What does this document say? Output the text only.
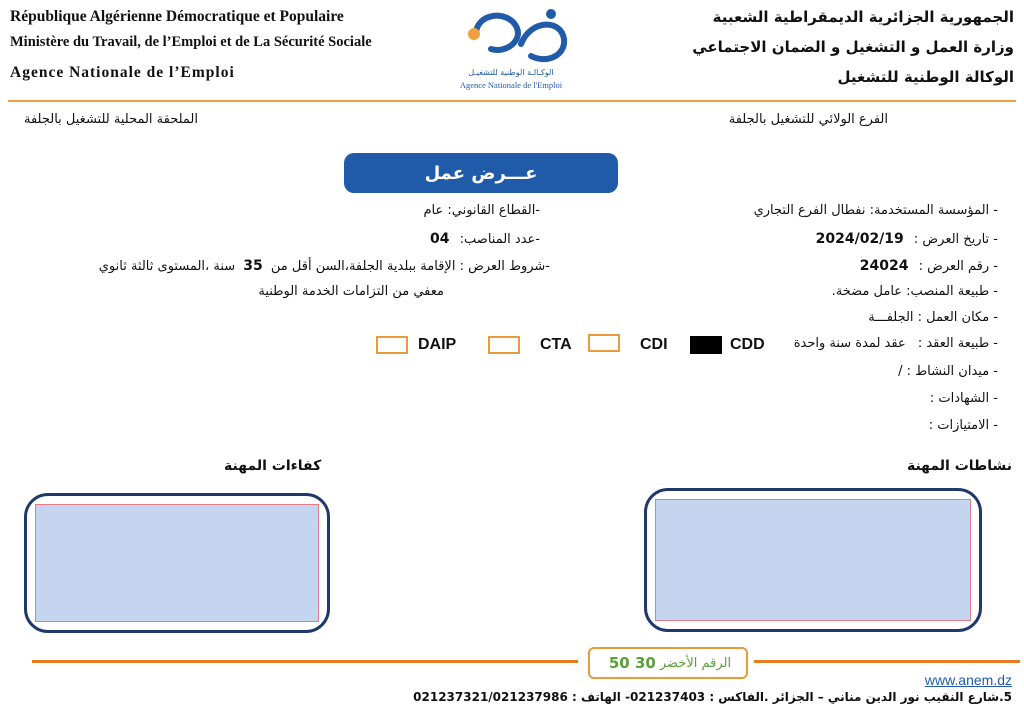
République Algérienne Démocratique et Populaire
Ministère du Travail, de l’Emploi et de La Sécurité Sociale
Agence Nationale de l’Emploi	الوكـالـة الوطنية للتشغيـل
Agence Nationale de l'Emploi
الجمهورية الجزائرية الديمقراطية الشعبية
وزارة العمل و التشغيل و الضمان الاجتماعي
الوكالة الوطنية للتشغيل
الملحقة المحلية للتشغيل بالجلفة	الفرع الولائي للتشغيل بالجلفة
عـــرض عمل
- المؤسسة المستخدمة: نفطال الفرع التجاري
- تاريخ العرض : 2024/02/19
- رقم العرض : 24024
- طبيعة المنصب: عامل مضخة.
- مكان العمل : الجلفـــة
- طبيعة العقد : عقد لمدة سنة واحدة
- ميدان النشاط : /
- الشهادات :
- الامتيازات :
-القطاع القانوني: عام
-عدد المناصب: 04
-شروط العرض : الإقامة ببلدية الجلفة،السن أقل من 35 سنة ،المستوى ثالثة ثانوي
معفي من التزامات الخدمة الوطنية
DAIP	CTA	CDI	CDD
كفاءات المهنة	نشاطات المهنة
الرقم الأخضر
30 50
www.anem.dz
5.شارع النقيب نور الدين مناني – الجزائر .الفاكس : 021237403- الهاتف : 021237321/021237986
